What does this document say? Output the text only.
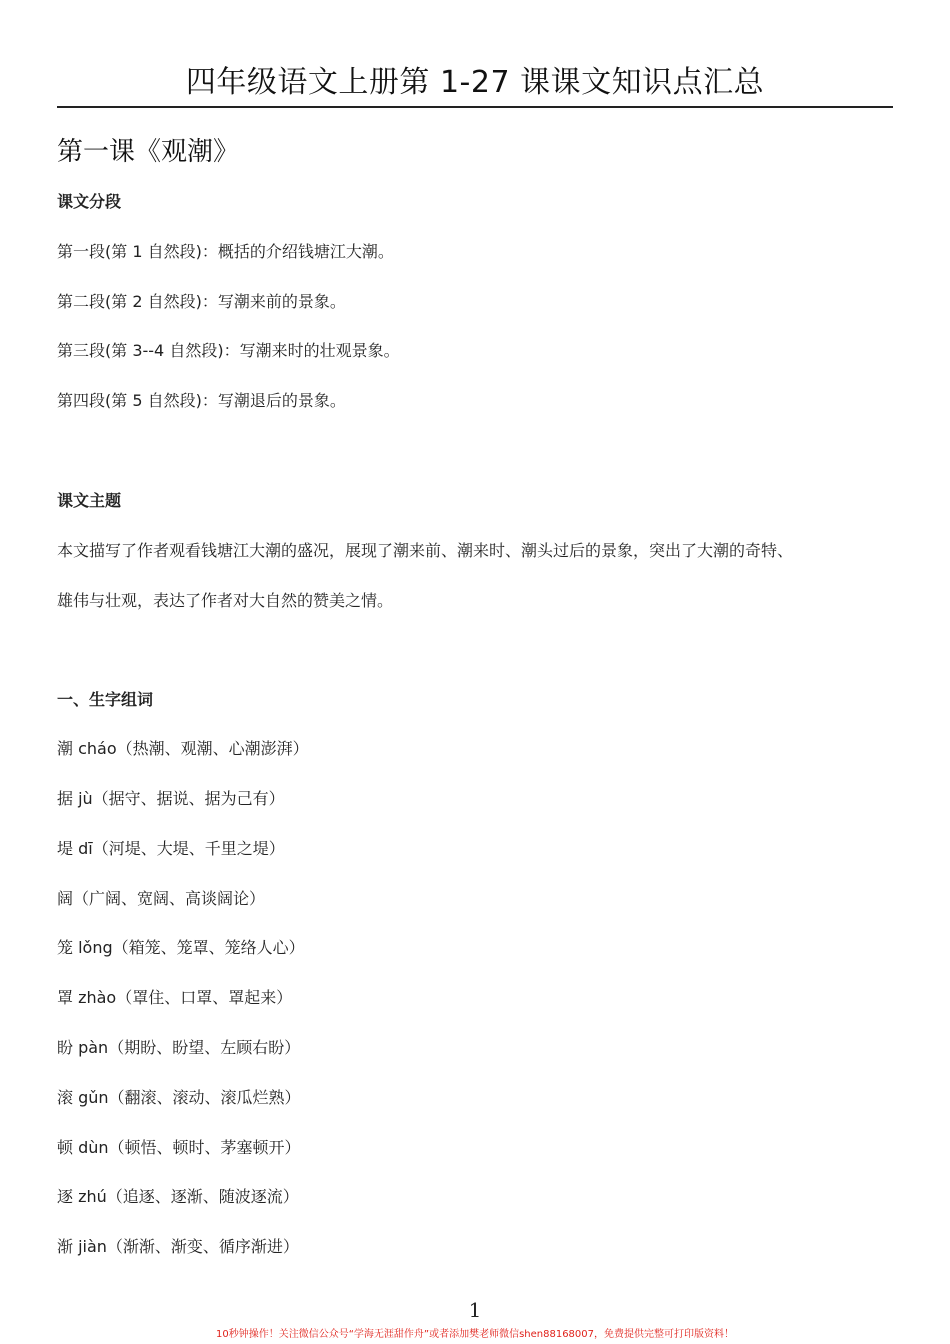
四年级语文上册第 1-27 课课文知识点汇总
第一课《观潮》
课文分段
第一段(第 1 自然段)：概括的介绍钱塘江大潮。
第二段(第 2 自然段)：写潮来前的景象。
第三段(第 3--4 自然段)：写潮来时的壮观景象。
第四段(第 5 自然段)：写潮退后的景象。
课文主题
本文描写了作者观看钱塘江大潮的盛况，展现了潮来前、潮来时、潮头过后的景象，突出了大潮的奇特、
雄伟与壮观，表达了作者对大自然的赞美之情。
一、生字组词
潮 cháo（热潮、观潮、心潮澎湃）
据 jù（据守、据说、据为己有）
堤 dī（河堤、大堤、千里之堤）
阔（广阔、宽阔、高谈阔论）
笼 lǒng（箱笼、笼罩、笼络人心）
罩 zhào（罩住、口罩、罩起来）
盼 pàn（期盼、盼望、左顾右盼）
滚 gǔn（翻滚、滚动、滚瓜烂熟）
顿 dùn（顿悟、顿时、茅塞顿开）
逐 zhú（追逐、逐渐、随波逐流）
渐 jiàn（渐渐、渐变、循序渐进）
1
10秒钟操作！关注微信公众号“学海无涯甜作舟”或者添加樊老师微信shen88168007，免费提供完整可打印版资料！
